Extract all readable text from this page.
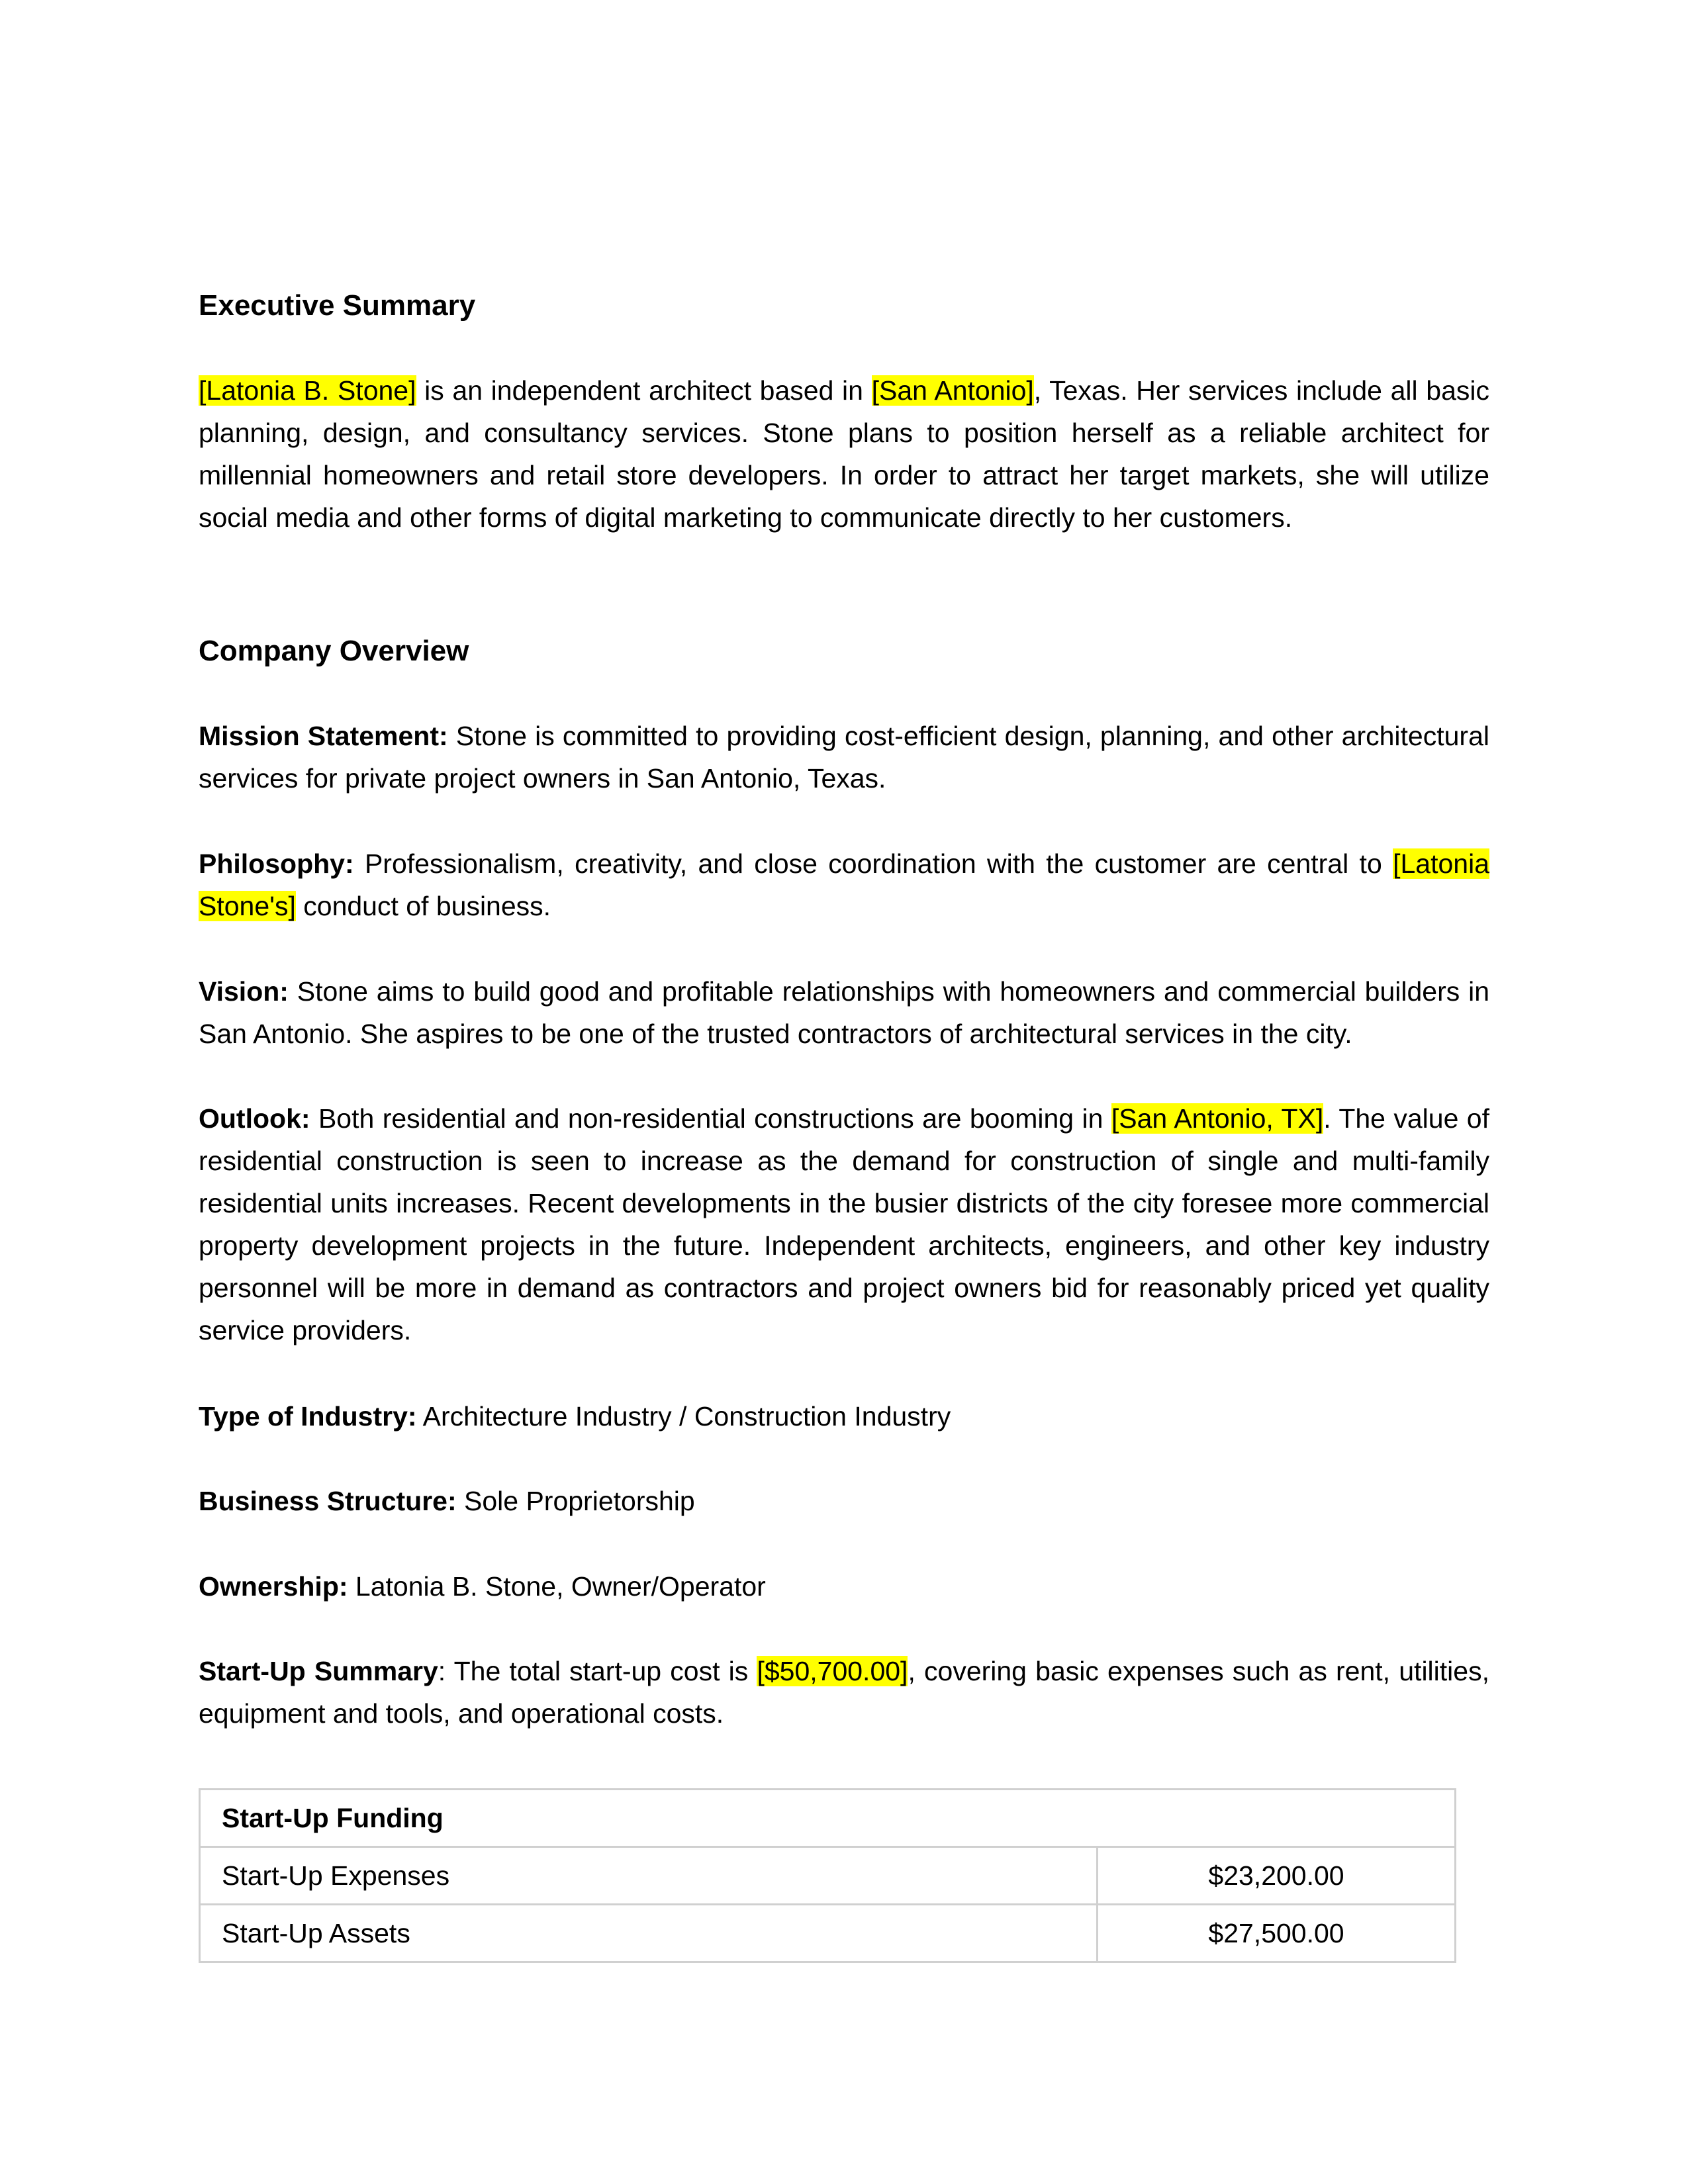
Executive Summary

[Latonia B. Stone] is an independent architect based in [San Antonio], Texas. Her services include all basic planning, design, and consultancy services. Stone plans to position herself as a reliable architect for millennial homeowners and retail store developers. In order to attract her target markets, she will utilize social media and other forms of digital marketing to communicate directly to her customers.

Company Overview

Mission Statement: Stone is committed to providing cost-efficient design, planning, and other architectural services for private project owners in San Antonio, Texas.

Philosophy: Professionalism, creativity, and close coordination with the customer are central to [Latonia Stone's] conduct of business.

Vision: Stone aims to build good and profitable relationships with homeowners and commercial builders in San Antonio. She aspires to be one of the trusted contractors of architectural services in the city.

Outlook: Both residential and non-residential constructions are booming in [San Antonio, TX]. The value of residential construction is seen to increase as the demand for construction of single and multi-family residential units increases. Recent developments in the busier districts of the city foresee more commercial property development projects in the future. Independent architects, engineers, and other key industry personnel will be more in demand as contractors and project owners bid for reasonably priced yet quality service providers.

Type of Industry: Architecture Industry / Construction Industry

Business Structure: Sole Proprietorship

Ownership: Latonia B. Stone, Owner/Operator

Start-Up Summary: The total start-up cost is [$50,700.00], covering basic expenses such as rent, utilities, equipment and tools, and operational costs.

Start-Up Funding	
Start-Up Expenses	$23,200.00
Start-Up Assets	$27,500.00
